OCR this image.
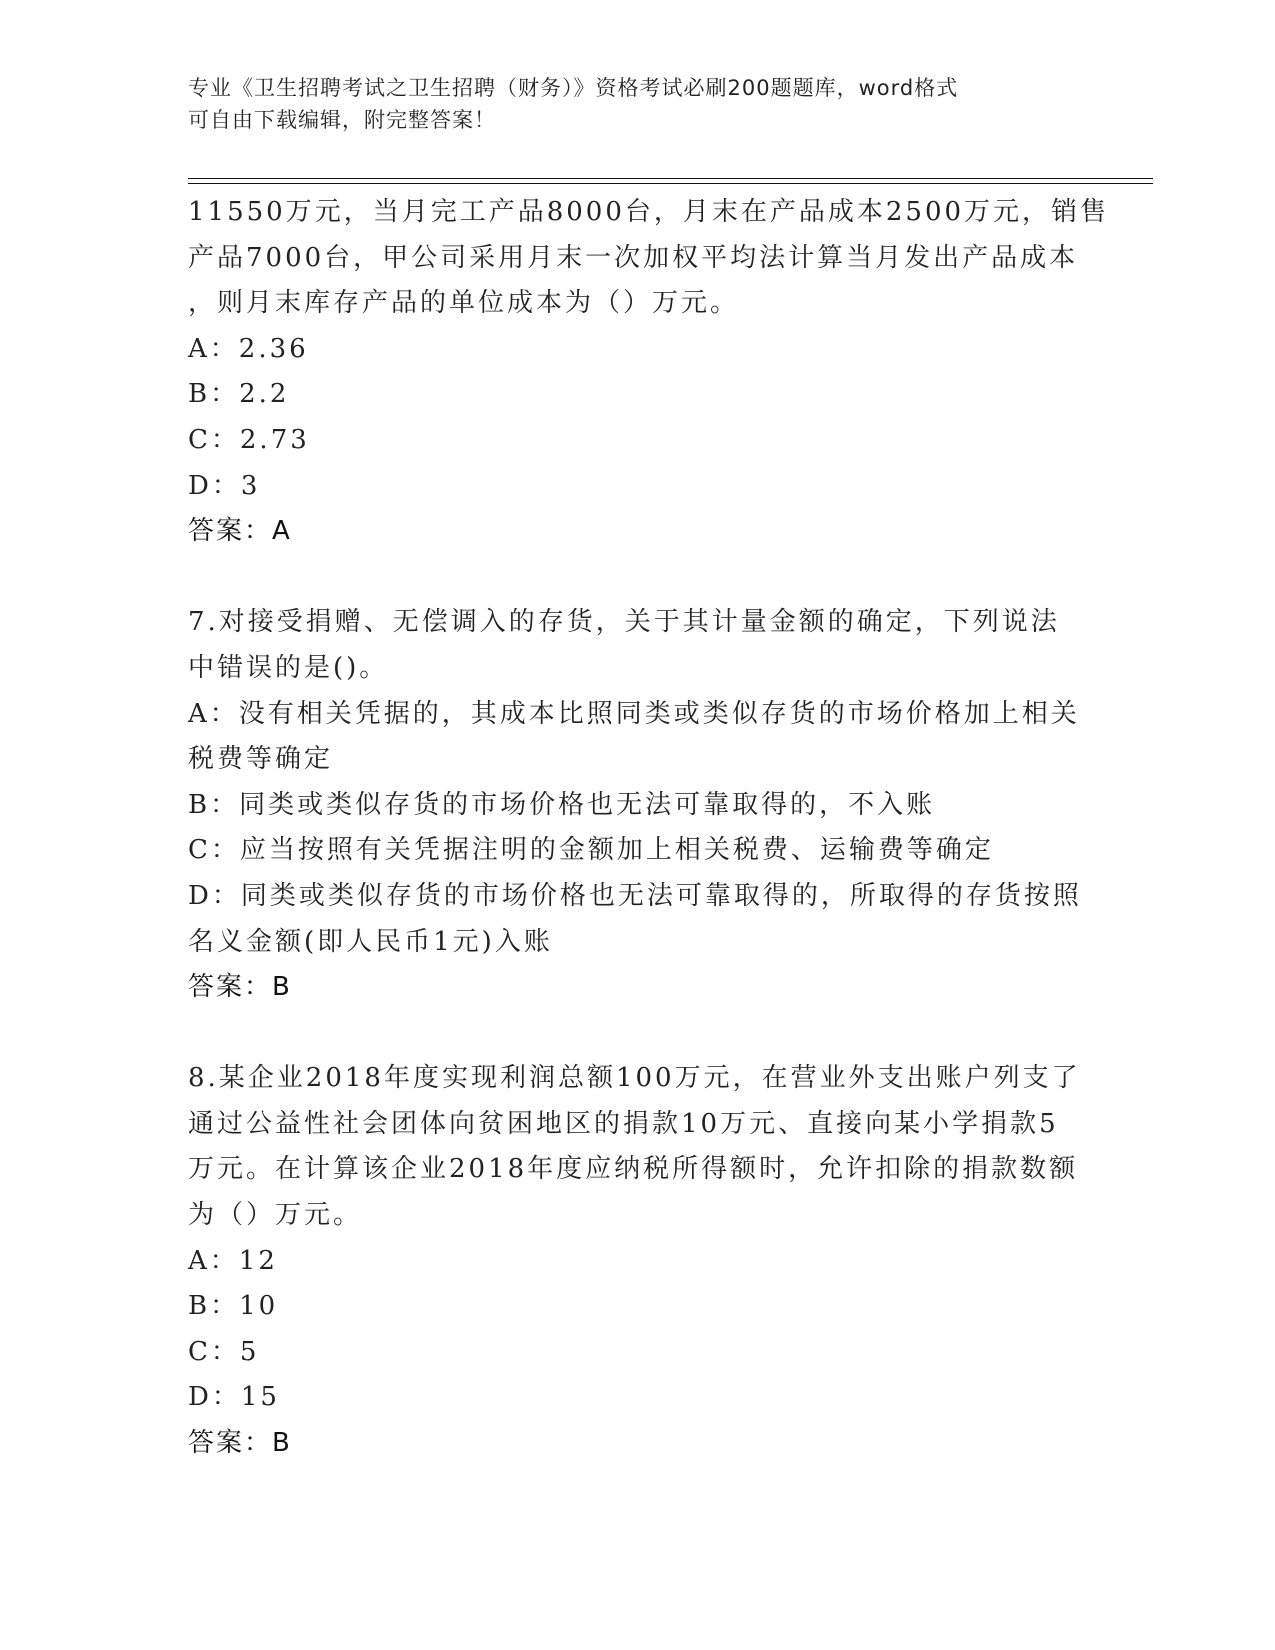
专业《卫生招聘考试之卫生招聘（财务）》资格考试必刷200题题库，word格式
可自由下载编辑，附完整答案！
11550万元，当月完工产品8000台，月末在产品成本2500万元，销售
产品7000台，甲公司采用月末一次加权平均法计算当月发出产品成本
，则月末库存产品的单位成本为（）万元。
A：2.36
B：2.2
C：2.73
D：3
答案：A
7.对接受捐赠、无偿调入的存货，关于其计量金额的确定，下列说法
中错误的是()。
A：没有相关凭据的，其成本比照同类或类似存货的市场价格加上相关
税费等确定
B：同类或类似存货的市场价格也无法可靠取得的，不入账
C：应当按照有关凭据注明的金额加上相关税费、运输费等确定
D：同类或类似存货的市场价格也无法可靠取得的，所取得的存货按照
名义金额(即人民币1元)入账
答案：B
8.某企业2018年度实现利润总额100万元，在营业外支出账户列支了
通过公益性社会团体向贫困地区的捐款10万元、直接向某小学捐款5
万元。在计算该企业2018年度应纳税所得额时，允许扣除的捐款数额
为（）万元。
A：12
B：10
C：5
D：15
答案：B
